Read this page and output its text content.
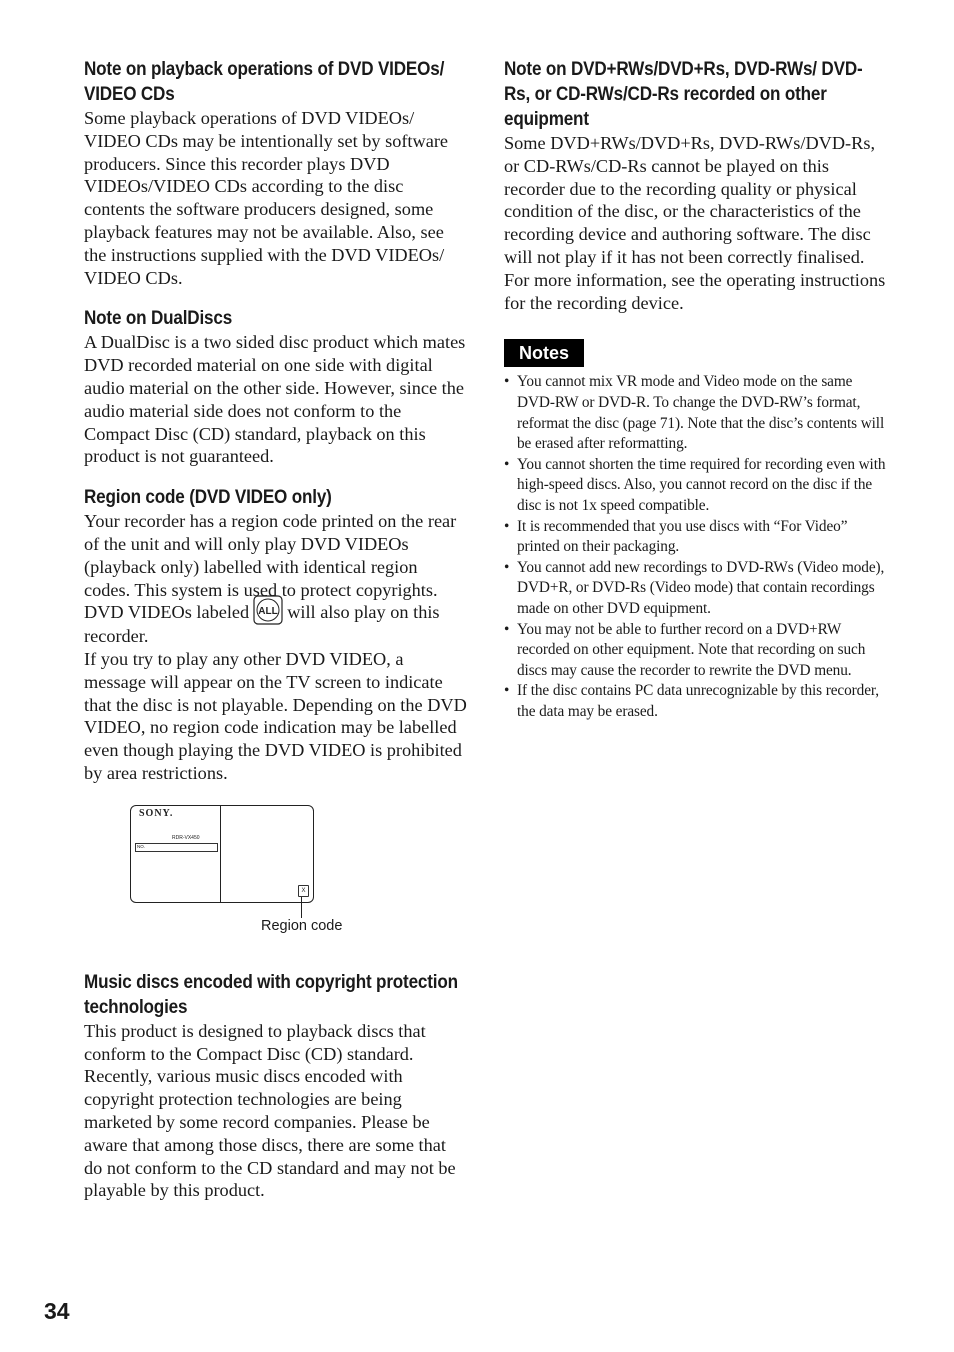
Note on playback operations of DVD VIDEOs/ VIDEO CDs

Some playback operations of DVD VIDEOs/ VIDEO CDs may be intentionally set by software producers. Since this recorder plays DVD VIDEOs/VIDEO CDs according to the disc contents the software producers designed, some playback features may not be available. Also, see the instructions supplied with the DVD VIDEOs/ VIDEO CDs.

Note on DualDiscs

A DualDisc is a two sided disc product which mates DVD recorded material on one side with digital audio material on the other side. However, since the audio material side does not conform to the Compact Disc (CD) standard, playback on this product is not guaranteed.

Region code (DVD VIDEO only)

Your recorder has a region code printed on the rear of the unit and will only play DVD VIDEOs (playback only) labelled with identical region codes. This system is used to protect copyrights. DVD VIDEOs labeled ALL will also play on this recorder.

If you try to play any other DVD VIDEO, a message will appear on the TV screen to indicate that the disc is not playable. Depending on the DVD VIDEO, no region code indication may be labelled even though playing the DVD VIDEO is prohibited by area restrictions.

SONY.
RDR-VX450
NO.
X
Region code
Music discs encoded with copyright protection technologies

This product is designed to playback discs that conform to the Compact Disc (CD) standard. Recently, various music discs encoded with copyright protection technologies are being marketed by some record companies. Please be aware that among those discs, there are some that do not conform to the CD standard and may not be playable by this product.

Note on DVD+RWs/DVD+Rs, DVD-RWs/ DVD-Rs, or CD-RWs/CD-Rs recorded on other equipment

Some DVD+RWs/DVD+Rs, DVD-RWs/DVD-Rs, or CD-RWs/CD-Rs cannot be played on this recorder due to the recording quality or physical condition of the disc, or the characteristics of the recording device and authoring software. The disc will not play if it has not been correctly finalised. For more information, see the operating instructions for the recording device.

Notes
• You cannot mix VR mode and Video mode on the same DVD-RW or DVD-R. To change the DVD-RW’s format, reformat the disc (page 71). Note that the disc’s contents will be erased after reformatting.
• You cannot shorten the time required for recording even with high-speed discs. Also, you cannot record on the disc if the disc is not 1x speed compatible.
• It is recommended that you use discs with “For Video” printed on their packaging.
• You cannot add new recordings to DVD-RWs (Video mode), DVD+R, or DVD-Rs (Video mode) that contain recordings made on other DVD equipment.
• You may not be able to further record on a DVD+RW recorded on other equipment. Note that recording on such discs may cause the recorder to rewrite the DVD menu.
• If the disc contains PC data unrecognizable by this recorder, the data may be erased.
34
